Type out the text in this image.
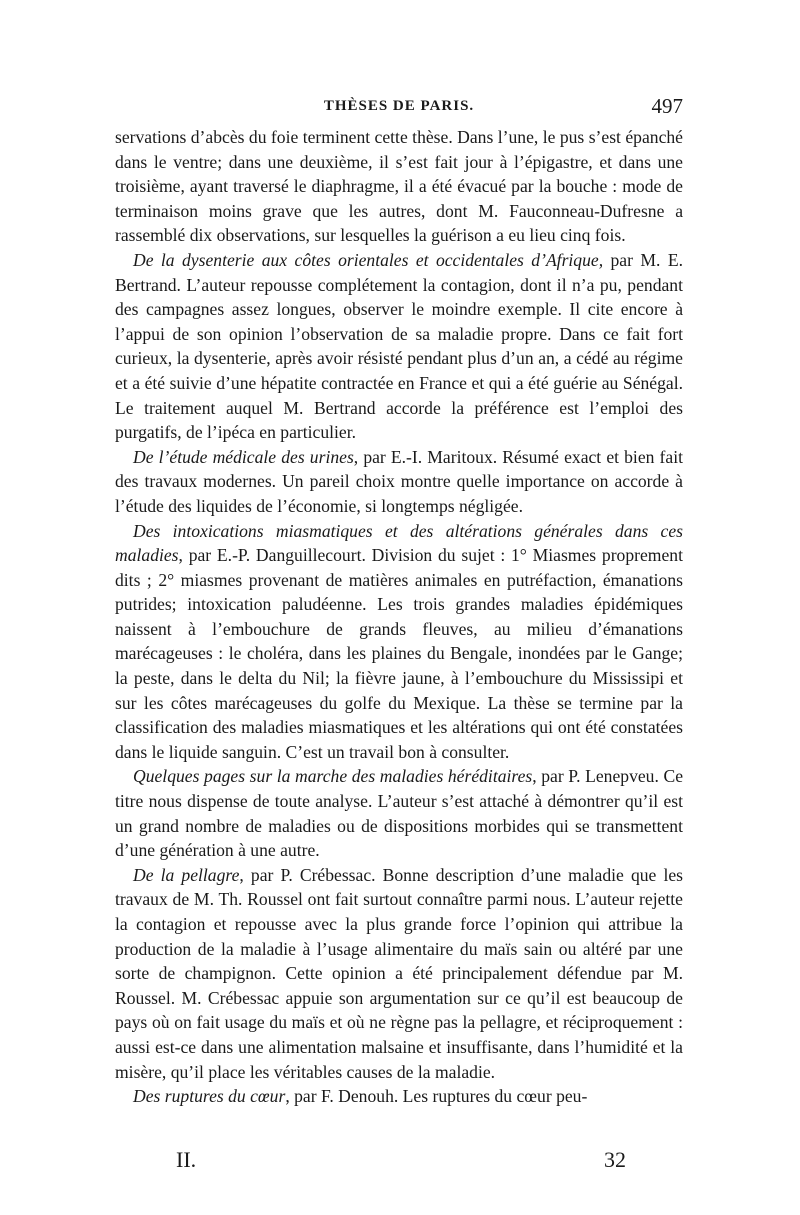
THÈSES DE PARIS.	497

servations d’abcès du foie terminent cette thèse. Dans l’une, le pus s’est épanché dans le ventre; dans une deuxième, il s’est fait jour à l’épigastre, et dans une troisième, ayant traversé le diaphragme, il a été évacué par la bouche : mode de terminaison moins grave que les autres, dont M. Fauconneau-Dufresne a rassemblé dix observations, sur lesquelles la guérison a eu lieu cinq fois.

De la dysenterie aux côtes orientales et occidentales d’Afrique, par M. E. Bertrand. L’auteur repousse complétement la contagion, dont il n’a pu, pendant des campagnes assez longues, observer le moindre exemple. Il cite encore à l’appui de son opinion l’observation de sa maladie propre. Dans ce fait fort curieux, la dysenterie, après avoir résisté pendant plus d’un an, a cédé au régime et a été suivie d’une hépatite contractée en France et qui a été guérie au Sénégal. Le traitement auquel M. Bertrand accorde la préférence est l’emploi des purgatifs, de l’ipéca en particulier.

De l’étude médicale des urines, par E.-I. Maritoux. Résumé exact et bien fait des travaux modernes. Un pareil choix montre quelle importance on accorde à l’étude des liquides de l’économie, si longtemps négligée.

Des intoxications miasmatiques et des altérations générales dans ces maladies, par E.-P. Danguillecourt. Division du sujet : 1° Miasmes proprement dits ; 2° miasmes provenant de matières animales en putréfaction, émanations putrides; intoxication paludéenne. Les trois grandes maladies épidémiques naissent à l’embouchure de grands fleuves, au milieu d’émanations marécageuses : le choléra, dans les plaines du Bengale, inondées par le Gange; la peste, dans le delta du Nil; la fièvre jaune, à l’embouchure du Mississipi et sur les côtes marécageuses du golfe du Mexique. La thèse se termine par la classification des maladies miasmatiques et les altérations qui ont été constatées dans le liquide sanguin. C’est un travail bon à consulter.

Quelques pages sur la marche des maladies héréditaires, par P. Lenepveu. Ce titre nous dispense de toute analyse. L’auteur s’est attaché à démontrer qu’il est un grand nombre de maladies ou de dispositions morbides qui se transmettent d’une génération à une autre.

De la pellagre, par P. Crébessac. Bonne description d’une maladie que les travaux de M. Th. Roussel ont fait surtout connaître parmi nous. L’auteur rejette la contagion et repousse avec la plus grande force l’opinion qui attribue la production de la maladie à l’usage alimentaire du maïs sain ou altéré par une sorte de champignon. Cette opinion a été principalement défendue par M. Roussel. M. Crébessac appuie son argumentation sur ce qu’il est beaucoup de pays où on fait usage du maïs et où ne règne pas la pellagre, et réciproquement : aussi est-ce dans une alimentation malsaine et insuffisante, dans l’humidité et la misère, qu’il place les véritables causes de la maladie.

Des ruptures du cœur, par F. Denouh. Les ruptures du cœur peu-

II.	32
